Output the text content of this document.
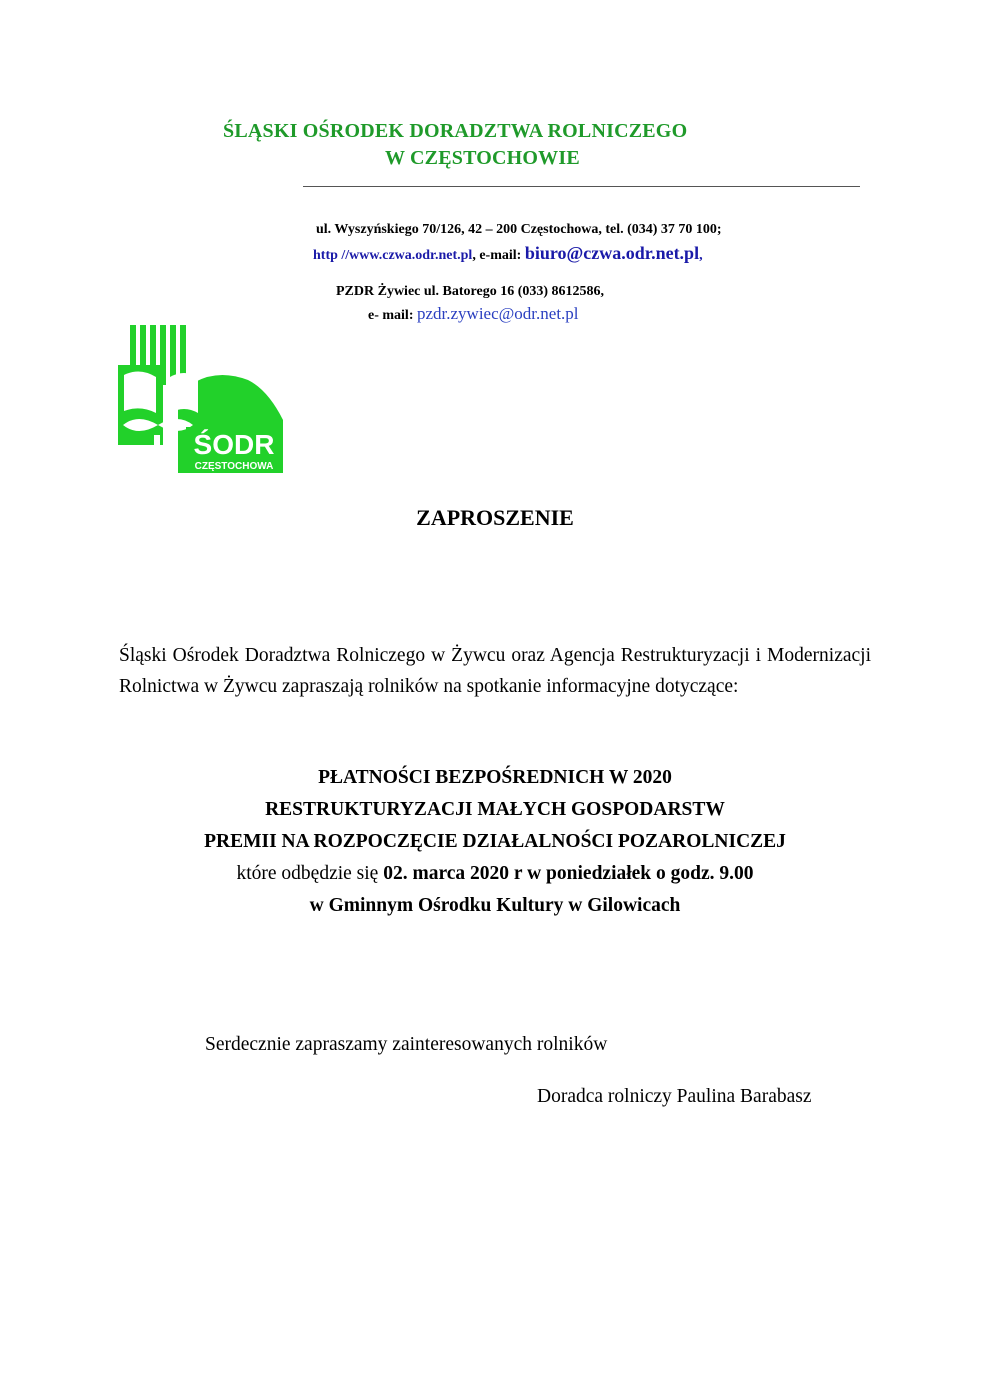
ŚLĄSKI OŚRODEK DORADZTWA ROLNICZEGO
W CZĘSTOCHOWIE
ul. Wyszyńskiego 70/126, 42 – 200 Częstochowa, tel. (034) 37 70 100;
http //www.czwa.odr.net.pl, e-mail: biuro@czwa.odr.net.pl,
PZDR Żywiec ul. Batorego 16 (033) 8612586,
e- mail: pzdr.zywiec@odr.net.pl
ŚODR
CZĘSTOCHOWA
ZAPROSZENIE
Śląski Ośrodek Doradztwa Rolniczego w Żywcu oraz Agencja Restrukturyzacji i Modernizacji Rolnictwa w Żywcu zapraszają rolników na spotkanie informacyjne dotyczące:
PŁATNOŚCI BEZPOŚREDNICH W 2020
RESTRUKTURYZACJI MAŁYCH GOSPODARSTW
PREMII NA ROZPOCZĘCIE DZIAŁALNOŚCI POZAROLNICZEJ
które odbędzie się 02. marca 2020 r w poniedziałek o godz. 9.00
w Gminnym Ośrodku Kultury w Gilowicach
Serdecznie zapraszamy zainteresowanych rolników
Doradca rolniczy Paulina Barabasz
